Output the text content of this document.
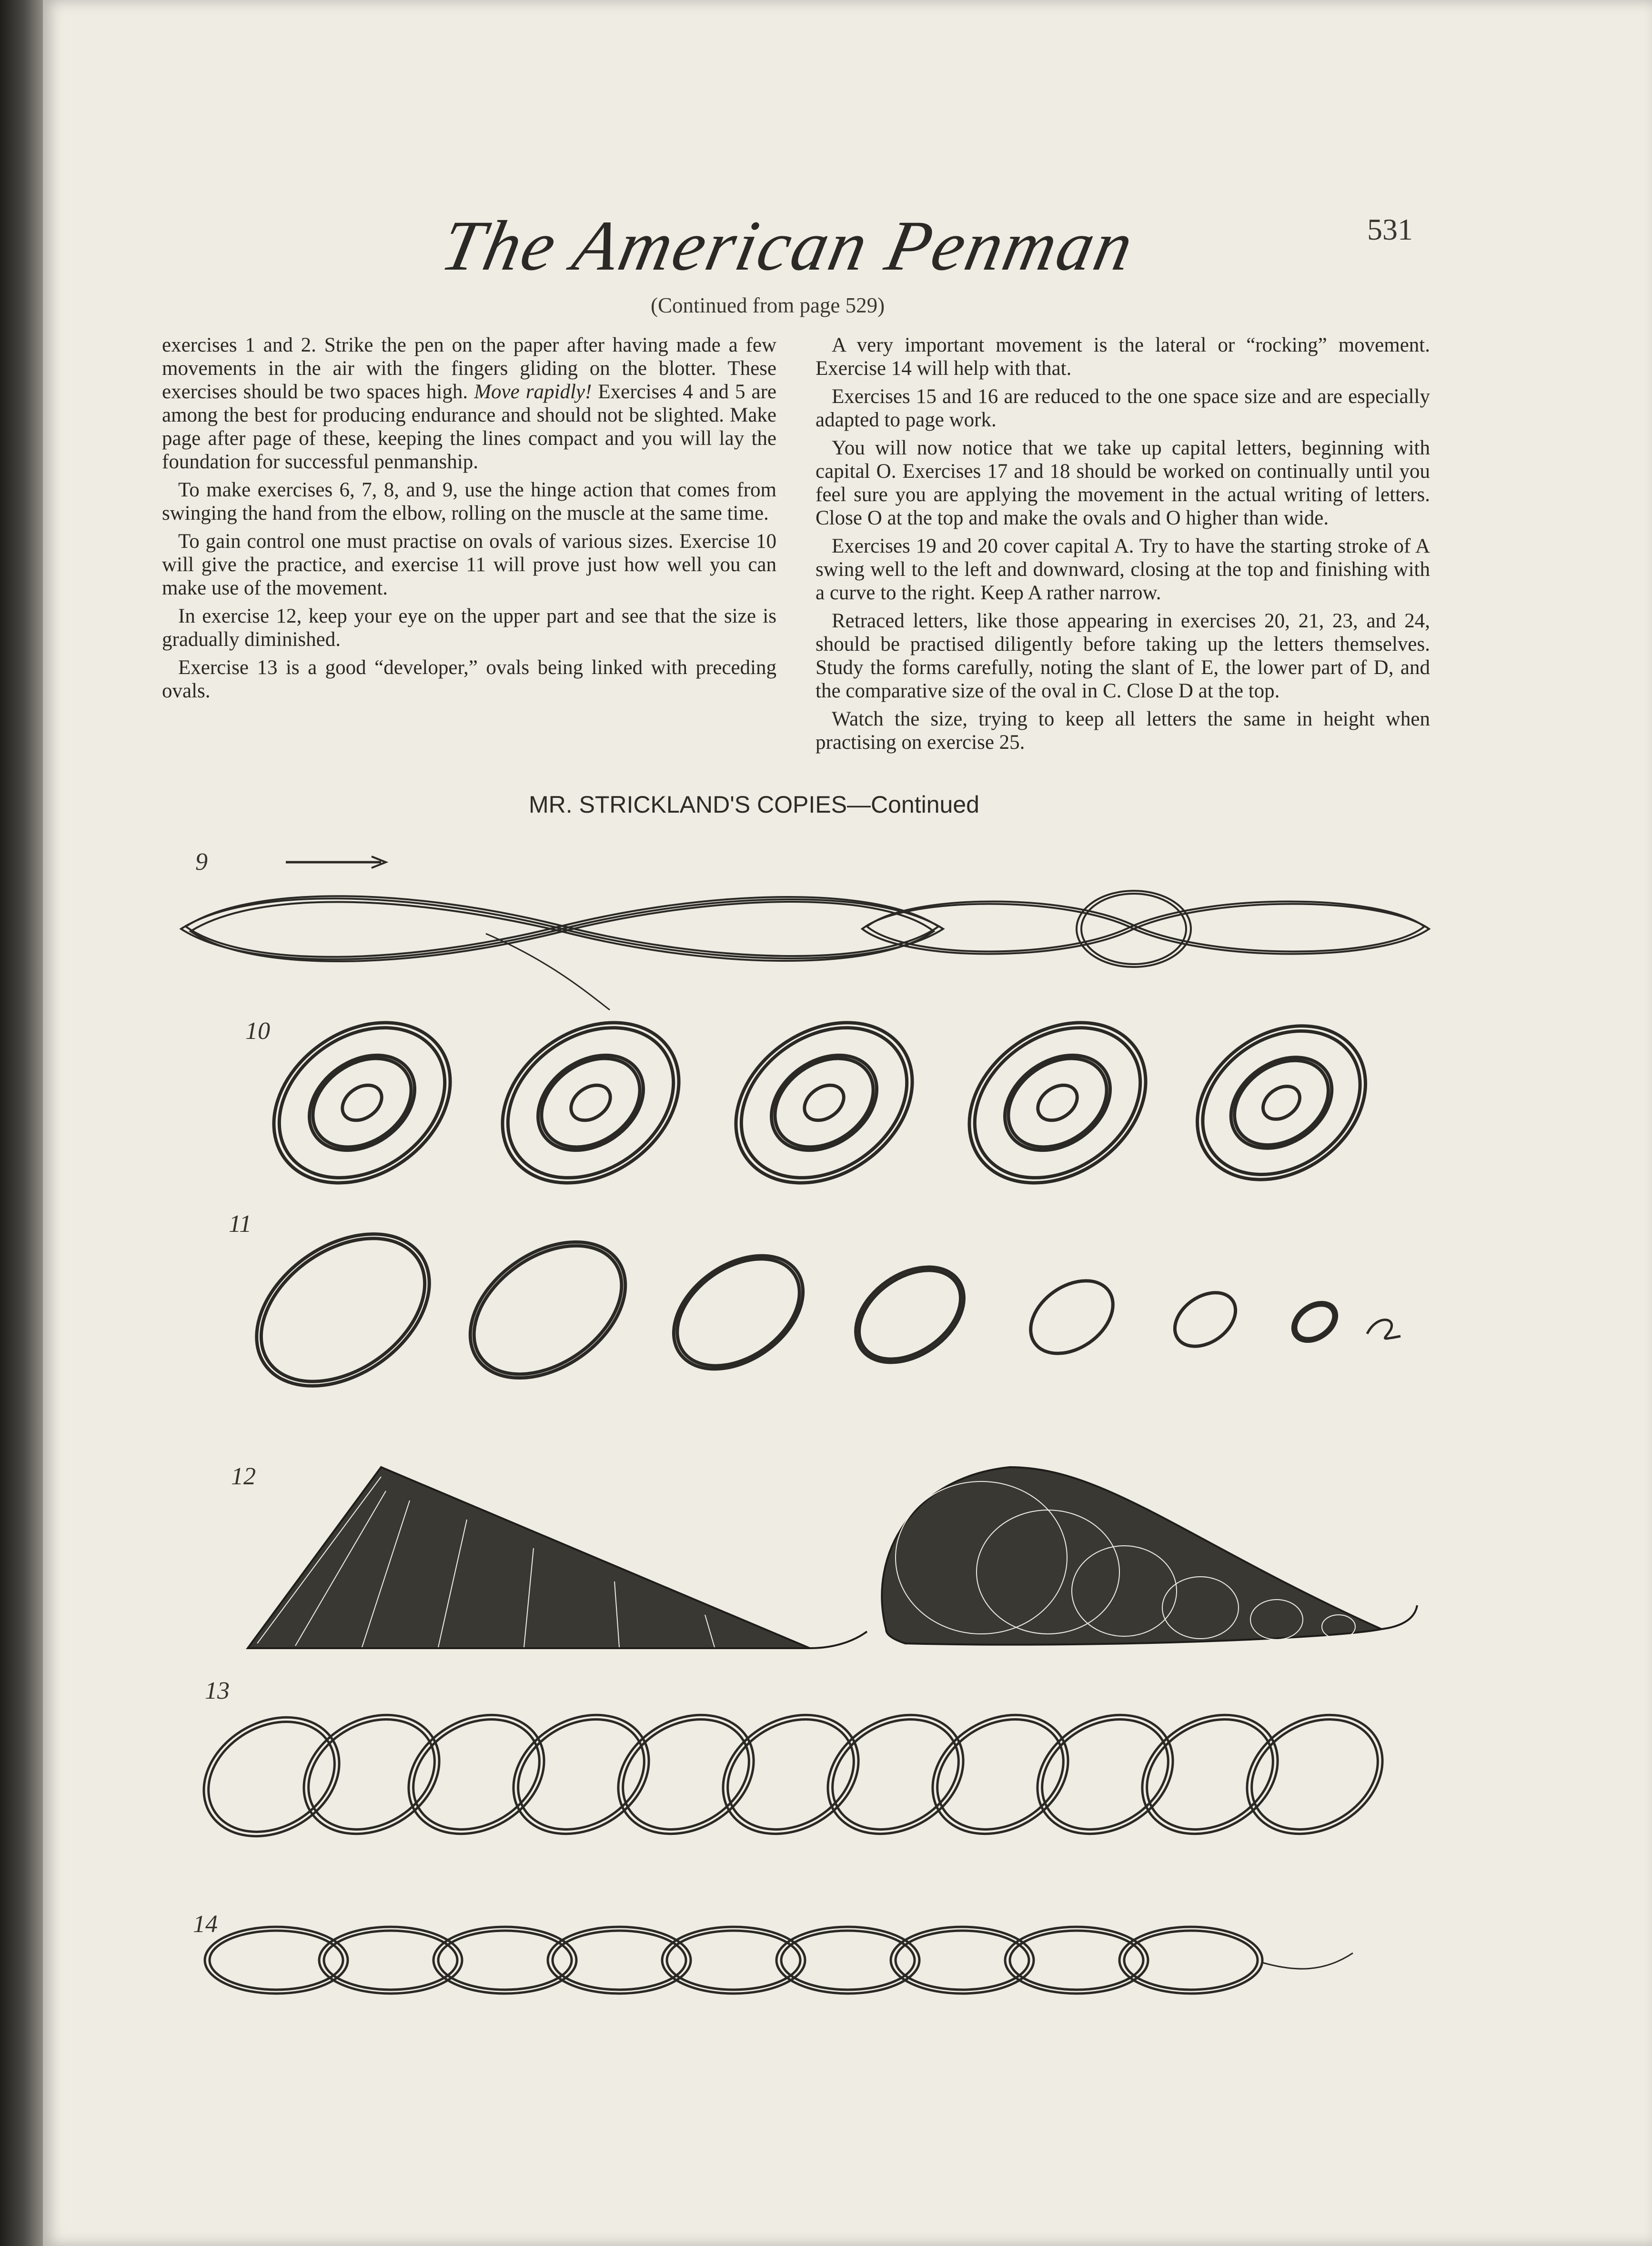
The American Penman	531
(Continued from page 529)

exercises 1 and 2. Strike the pen on the paper after having made a few movements in the air with the fingers gliding on the blotter. These exercises should be two spaces high. Move rapidly! Exercises 4 and 5 are among the best for producing endurance and should not be slighted. Make page after page of these, keeping the lines compact and you will lay the foundation for successful penmanship.

To make exercises 6, 7, 8, and 9, use the hinge action that comes from swinging the hand from the elbow, rolling on the muscle at the same time.

To gain control one must practise on ovals of various sizes. Exercise 10 will give the practice, and exercise 11 will prove just how well you can make use of the movement.

In exercise 12, keep your eye on the upper part and see that the size is gradually diminished.

Exercise 13 is a good “developer,” ovals being linked with preceding ovals.

A very important movement is the lateral or “rocking” movement. Exercise 14 will help with that.

Exercises 15 and 16 are reduced to the one space size and are especially adapted to page work.

You will now notice that we take up capital letters, beginning with capital O. Exercises 17 and 18 should be worked on continually until you feel sure you are applying the movement in the actual writing of letters. Close O at the top and make the ovals and O higher than wide.

Exercises 19 and 20 cover capital A. Try to have the starting stroke of A swing well to the left and downward, closing at the top and finishing with a curve to the right. Keep A rather narrow.

Retraced letters, like those appearing in exercises 20, 21, 23, and 24, should be practised diligently before taking up the letters themselves. Study the forms carefully, noting the slant of E, the lower part of D, and the comparative size of the oval in C. Close D at the top.

Watch the size, trying to keep all letters the same in height when practising on exercise 25.

MR. STRICKLAND'S COPIES—Continued
9
10
11
12
13
14
